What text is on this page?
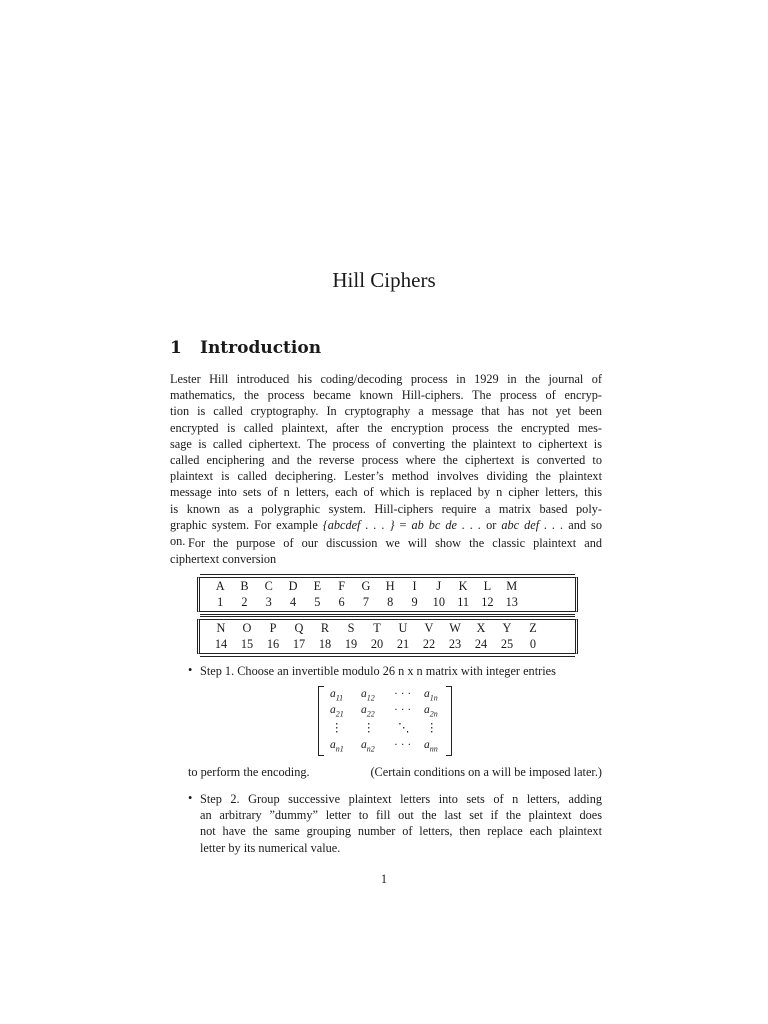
Hill Ciphers
1 Introduction
Lester Hill introduced his coding/decoding process in 1929 in the journal of
mathematics, the process became known Hill-ciphers. The process of encryp-
tion is called cryptography. In cryptography a message that has not yet been
encrypted is called plaintext, after the encryption process the encrypted mes-
sage is called ciphertext. The process of converting the plaintext to ciphertext is
called enciphering and the reverse process where the ciphertext is converted to
plaintext is called deciphering. Lester’s method involves dividing the plaintext
message into sets of n letters, each of which is replaced by n cipher letters, this
is known as a polygraphic system. Hill-ciphers require a matrix based poly-
graphic system. For example {abcdef . . . } = ab bc de . . . or abc def . . . and so
on. For the purpose of our discussion we will show the classic plaintext and
ciphertext conversion
A	B	C	D	E	F	G	H	I	J	K	L	M
1	2	3	4	5	6	7	8	9	10 11 12 13
N	O	P	Q	R	S	T	U	V	W	X	Y	Z
14	15	16	17	18	19	20	21	22	23	24	25	0
• Step 1. Choose an invertible modulo 26 n x n matrix with integer entries
$a_{11}$ $a_{12}$ · · · $a_{1n}$
$a_{21}$ $a_{22}$ · · · $a_{2n}$
⋮ ⋮ ⋱ ⋮
$a_{n1}$ $a_{n2}$ · · · $a_{nn}$
to perform the encoding.	(Certain conditions on a will be imposed later.)
• Step 2. Group successive plaintext letters into sets of n letters, adding
an arbitrary ”dummy” letter to fill out the last set if the plaintext does
not have the same grouping number of letters, then replace each plaintext
letter by its numerical value.
1
